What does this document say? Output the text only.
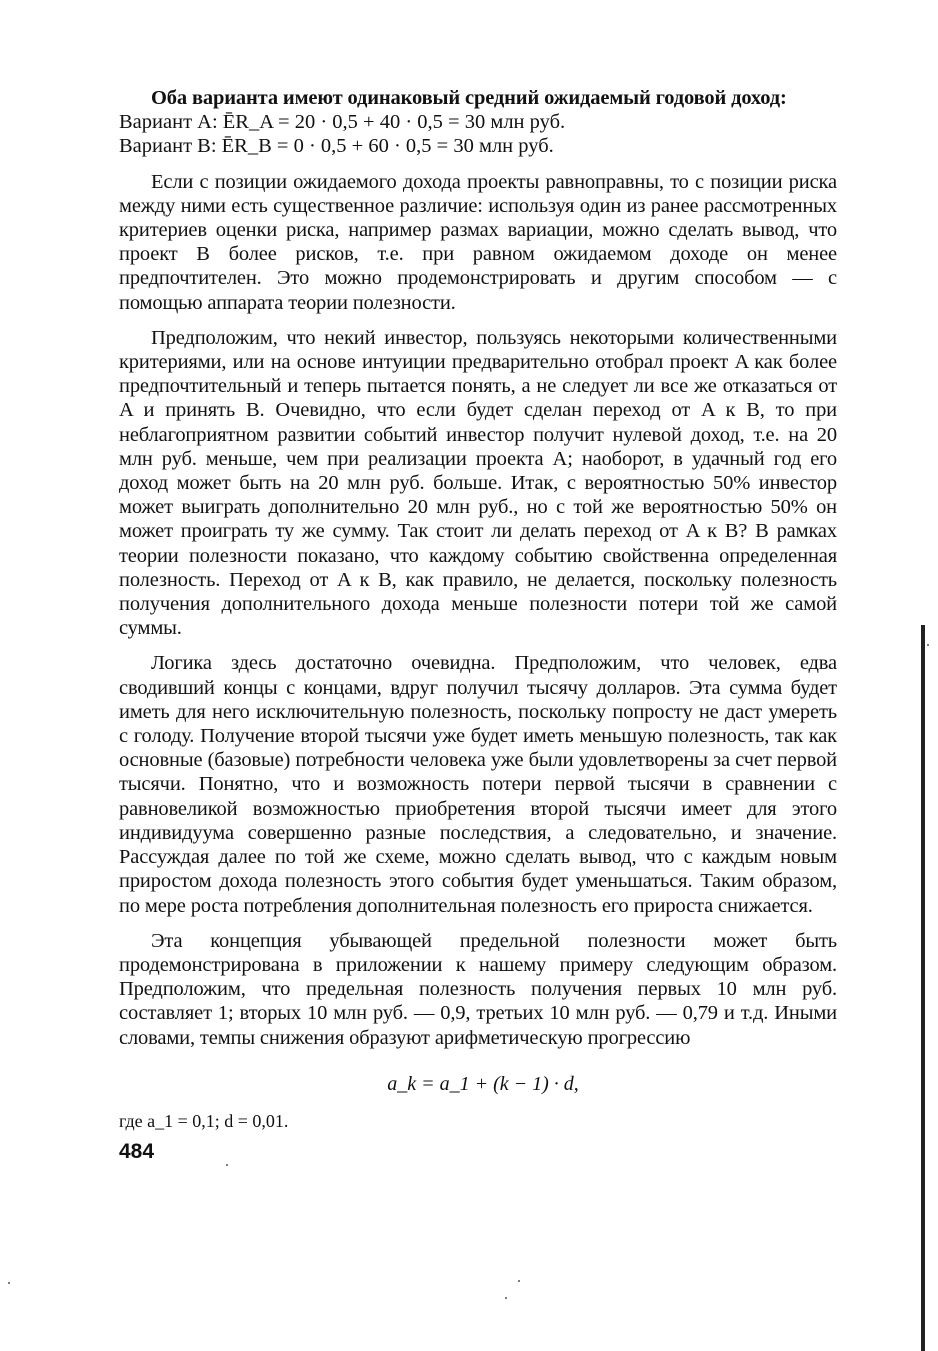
Оба варианта имеют одинаковый средний ожидаемый годовой доход:

Вариант A: ĒR_A = 20 · 0,5 + 40 · 0,5 = 30 млн руб.

Вариант B: ĒR_B = 0 · 0,5 + 60 · 0,5 = 30 млн руб.

Если с позиции ожидаемого дохода проекты равноправны, то с позиции риска между ними есть существенное различие: используя один из ранее рассмотренных критериев оценки риска, например размах вариации, можно сделать вывод, что проект B более рисков, т.е. при равном ожидаемом доходе он менее предпочтителен. Это можно продемонстрировать и другим способом — с помощью аппарата теории полезности.

Предположим, что некий инвестор, пользуясь некоторыми количественными критериями, или на основе интуиции предварительно отобрал проект A как более предпочтительный и теперь пытается понять, а не следует ли все же отказаться от A и принять B. Очевидно, что если будет сделан переход от A к B, то при неблагоприятном развитии событий инвестор получит нулевой доход, т.е. на 20 млн руб. меньше, чем при реализации проекта A; наоборот, в удачный год его доход может быть на 20 млн руб. больше. Итак, с вероятностью 50% инвестор может выиграть дополнительно 20 млн руб., но с той же вероятностью 50% он может проиграть ту же сумму. Так стоит ли делать переход от A к B? В рамках теории полезности показано, что каждому событию свойственна определенная полезность. Переход от A к B, как правило, не делается, поскольку полезность получения дополнительного дохода меньше полезности потери той же самой суммы.

Логика здесь достаточно очевидна. Предположим, что человек, едва сводивший концы с концами, вдруг получил тысячу долларов. Эта сумма будет иметь для него исключительную полезность, поскольку попросту не даст умереть с голоду. Получение второй тысячи уже будет иметь меньшую полезность, так как основные (базовые) потребности человека уже были удовлетворены за счет первой тысячи. Понятно, что и возможность потери первой тысячи в сравнении с равновеликой возможностью приобретения второй тысячи имеет для этого индивидуума совершенно разные последствия, а следовательно, и значение. Рассуждая далее по той же схеме, можно сделать вывод, что с каждым новым приростом дохода полезность этого события будет уменьшаться. Таким образом, по мере роста потребления дополнительная полезность его прироста снижается.

Эта концепция убывающей предельной полезности может быть продемонстрирована в приложении к нашему примеру следующим образом. Предположим, что предельная полезность получения первых 10 млн руб. составляет 1; вторых 10 млн руб. — 0,9, третьих 10 млн руб. — 0,79 и т.д. Иными словами, темпы снижения образуют арифметическую прогрессию

a_k = a_1 + (k − 1) · d,

где a_1 = 0,1; d = 0,01.

484
